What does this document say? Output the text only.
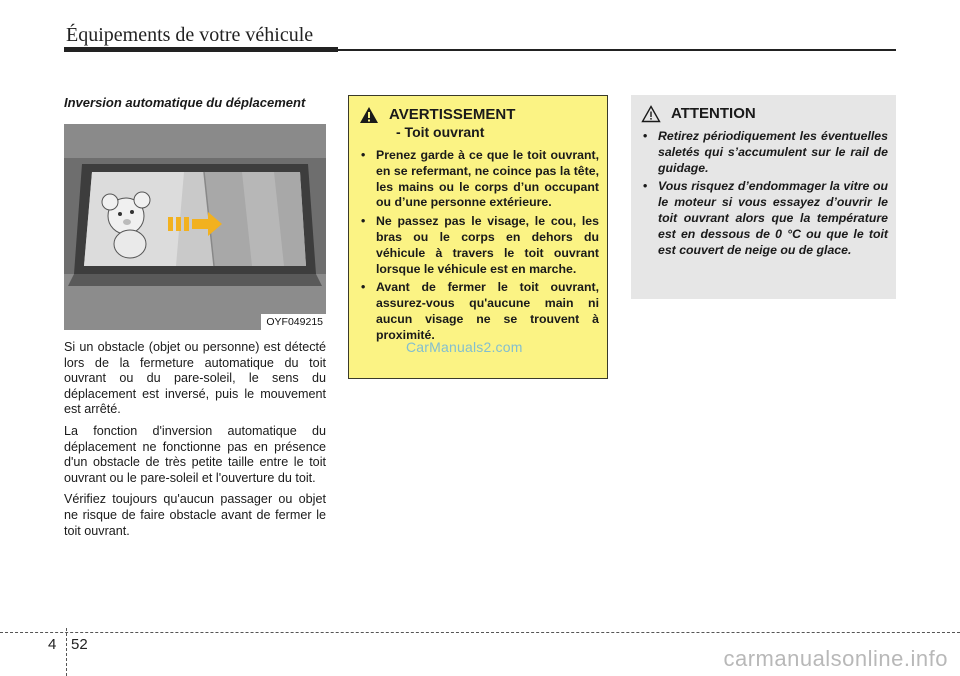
Équipements de votre véhicule
Inversion automatique du déplacement
OYF049215

Si un obstacle (objet ou personne) est détecté lors de la fermeture automatique du toit ouvrant ou du pare-soleil, le sens du déplacement est inversé, puis le mouvement est arrêté.

La fonction d'inversion automatique du déplacement ne fonctionne pas en présence d'un obstacle de très petite taille entre le toit ouvrant ou le pare-soleil et l'ouverture du toit.

Vérifiez toujours qu'aucun passager ou objet ne risque de faire obstacle avant de fermer le toit ouvrant.

AVERTISSEMENT
- Toit ouvrant
• Prenez garde à ce que le toit ouvrant, en se refermant, ne coince pas la tête, les mains ou le corps d’un occupant ou d’une personne extérieure.
• Ne passez pas le visage, le cou, les bras ou le corps en dehors du véhicule à travers le toit ouvrant lorsque le véhicule est en marche.
• Avant de fermer le toit ouvrant, assurez-vous qu'aucune main ni aucun visage ne se trouvent à proximité.
CarManuals2.com
ATTENTION
• Retirez périodiquement les éventuelles saletés qui s’accumulent sur le rail de guidage.
• Vous risquez d’endommager la vitre ou le moteur si vous essayez d’ouvrir le toit ouvrant alors que la température est en dessous de 0 °C ou que le toit est couvert de neige ou de glace.
4 52
carmanualsonline.info
